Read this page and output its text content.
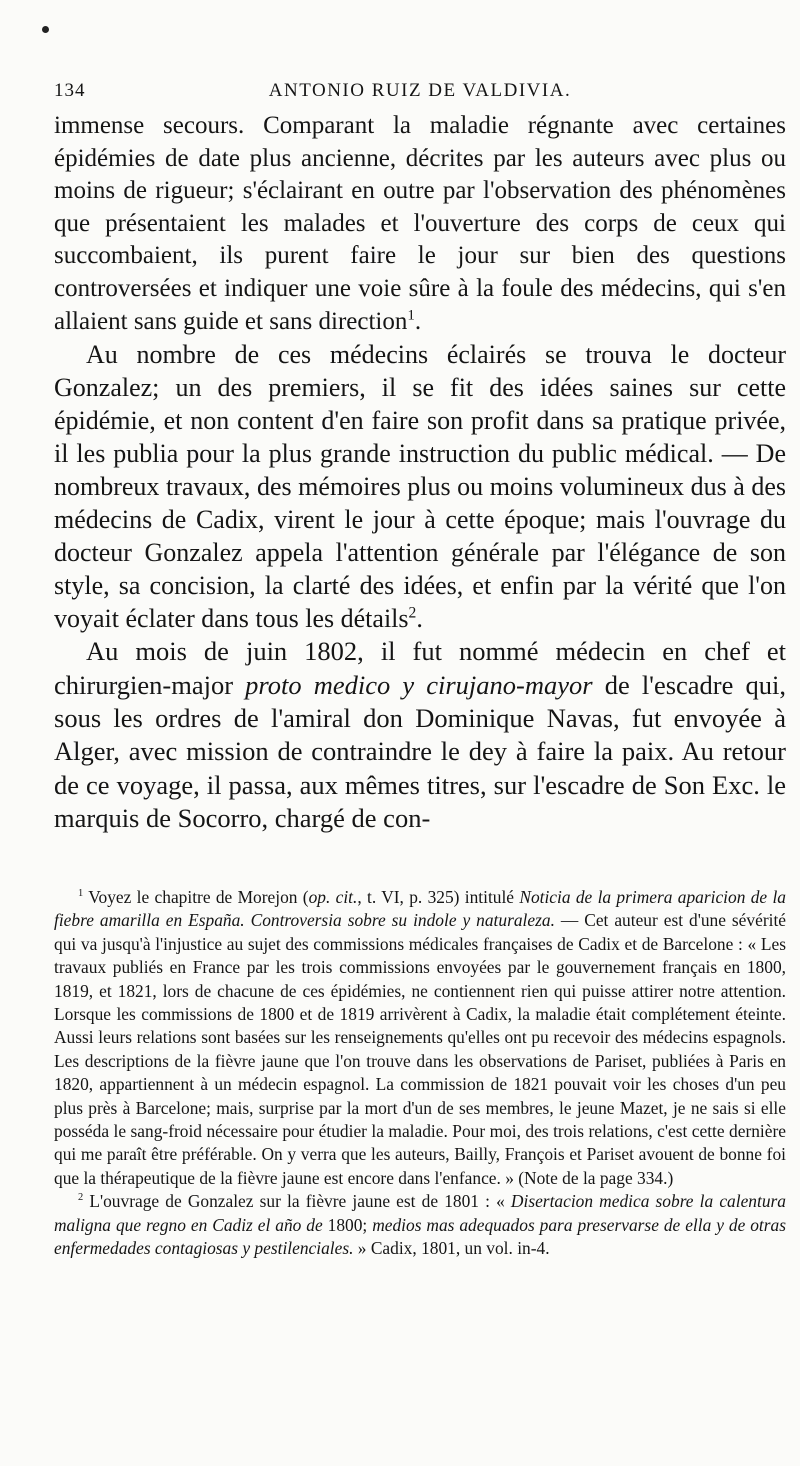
134	ANTONIO RUIZ DE VALDIVIA.

immense secours. Comparant la maladie régnante avec certaines épidémies de date plus ancienne, décrites par les auteurs avec plus ou moins de rigueur; s'éclairant en outre par l'observation des phénomènes que présentaient les malades et l'ouverture des corps de ceux qui succombaient, ils purent faire le jour sur bien des questions controversées et indiquer une voie sûre à la foule des médecins, qui s'en allaient sans guide et sans direction$^1$.

Au nombre de ces médecins éclairés se trouva le docteur Gonzalez; un des premiers, il se fit des idées saines sur cette épidémie, et non content d'en faire son profit dans sa pratique privée, il les publia pour la plus grande instruction du public médical. — De nombreux travaux, des mémoires plus ou moins volumineux dus à des médecins de Cadix, virent le jour à cette époque; mais l'ouvrage du docteur Gonzalez appela l'attention générale par l'élégance de son style, sa concision, la clarté des idées, et enfin par la vérité que l'on voyait éclater dans tous les détails$^2$.

Au mois de juin 1802, il fut nommé médecin en chef et chirurgien-major proto medico y cirujano-mayor de l'escadre qui, sous les ordres de l'amiral don Dominique Navas, fut envoyée à Alger, avec mission de contraindre le dey à faire la paix. Au retour de ce voyage, il passa, aux mêmes titres, sur l'escadre de Son Exc. le marquis de Socorro, chargé de con-

$^1$ Voyez le chapitre de Morejon (op. cit., t. VI, p. 325) intitulé Noticia de la primera aparicion de la fiebre amarilla en España. Controversia sobre su indole y naturaleza. — Cet auteur est d'une sévérité qui va jusqu'à l'injustice au sujet des commissions médicales françaises de Cadix et de Barcelone : « Les travaux publiés en France par les trois commissions envoyées par le gouvernement français en 1800, 1819, et 1821, lors de chacune de ces épidémies, ne contiennent rien qui puisse attirer notre attention. Lorsque les commissions de 1800 et de 1819 arrivèrent à Cadix, la maladie était complétement éteinte. Aussi leurs relations sont basées sur les renseignements qu'elles ont pu recevoir des médecins espagnols. Les descriptions de la fièvre jaune que l'on trouve dans les observations de Pariset, publiées à Paris en 1820, appartiennent à un médecin espagnol. La commission de 1821 pouvait voir les choses d'un peu plus près à Barcelone; mais, surprise par la mort d'un de ses membres, le jeune Mazet, je ne sais si elle posséda le sang-froid nécessaire pour étudier la maladie. Pour moi, des trois relations, c'est cette dernière qui me paraît être préférable. On y verra que les auteurs, Bailly, François et Pariset avouent de bonne foi que la thérapeutique de la fièvre jaune est encore dans l'enfance. » (Note de la page 334.)

$^2$ L'ouvrage de Gonzalez sur la fièvre jaune est de 1801 : « Disertacion medica sobre la calentura maligna que regno en Cadiz el año de 1800; medios mas adequados para preservarse de ella y de otras enfermedades contagiosas y pestilenciales. » Cadix, 1801, un vol. in-4.
